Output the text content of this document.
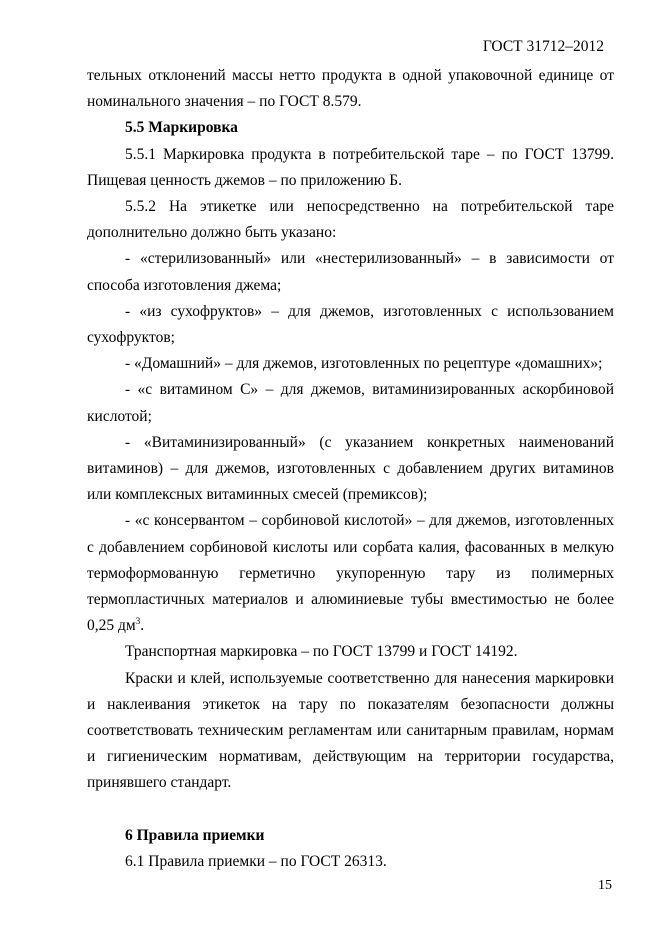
ГОСТ 31712–2012

тельных отклонений массы нетто продукта в одной упаковочной единице от номинального значения – по ГОСТ 8.579.

5.5 Маркировка

5.5.1 Маркировка продукта в потребительской таре – по ГОСТ 13799. Пищевая ценность джемов – по приложению Б.

5.5.2 На этикетке или непосредственно на потребительской таре дополнительно должно быть указано:

- «стерилизованный» или «нестерилизованный» – в зависимости от способа изготовления джема;

- «из сухофруктов» – для джемов, изготовленных с использованием сухофруктов;

- «Домашний» – для джемов, изготовленных по рецептуре «домашних»;

- «с витамином С» – для джемов, витаминизированных аскорбиновой кислотой;

- «Витаминизированный» (с указанием конкретных наименований витаминов) – для джемов, изготовленных с добавлением других витаминов или комплексных витаминных смесей (премиксов);

- «с консервантом – сорбиновой кислотой» – для джемов, изготовленных с добавлением сорбиновой кислоты или сорбата калия, фасованных в мелкую термоформованную герметично укупоренную тару из полимерных термопластичных материалов и алюминиевые тубы вместимостью не более 0,25 $дм^3$.

Транспортная маркировка – по ГОСТ 13799 и ГОСТ 14192.

Краски и клей, используемые соответственно для нанесения маркировки и наклеивания этикеток на тару по показателям безопасности должны соответствовать техническим регламентам или санитарным правилам, нормам и гигиеническим нормативам, действующим на территории государства, принявшего стандарт.

6 Правила приемки

6.1 Правила приемки – по ГОСТ 26313.

15
